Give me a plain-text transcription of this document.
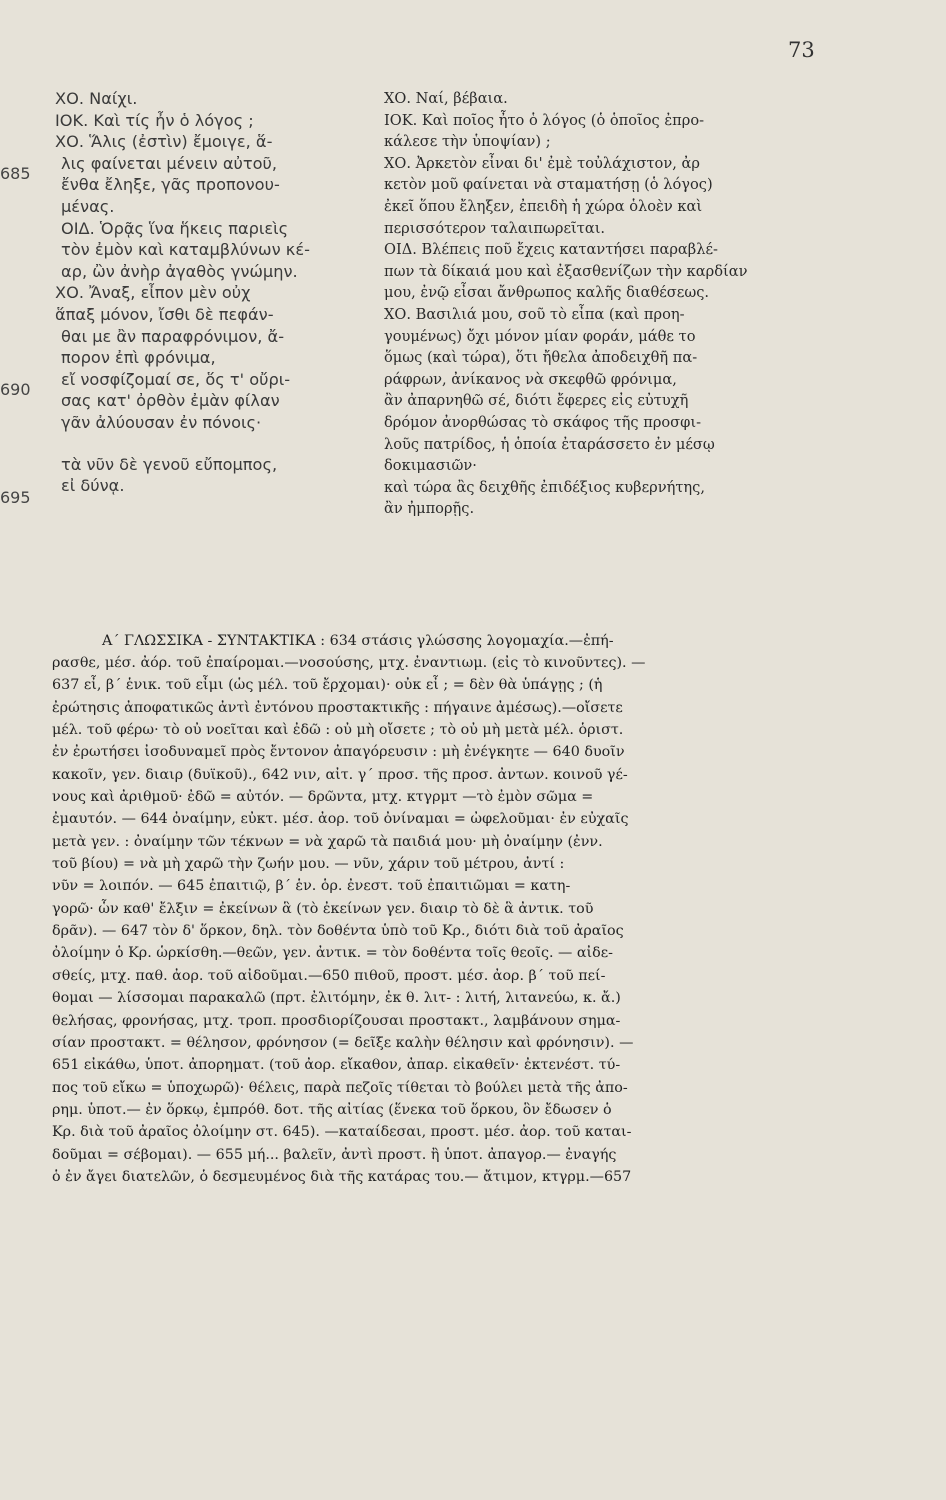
73
685
690
695
ΧΟ. Ναίχι.
ΙΟΚ. Καὶ τίς ἦν ὁ λόγος ;
ΧΟ. Ἅλις (ἐστὶν) ἔμοιγε, ἅ-
λις φαίνεται μένειν αὐτοῦ,
ἔνθα ἔληξε, γᾶς προπονου-
μένας.
ΟΙΔ. Ὁρᾷς ἵνα ἥκεις παριεὶς
τὸν ἐμὸν καὶ καταμβλύνων κέ-
αρ, ὢν ἀνὴρ ἀγαθὸς γνώμην.
ΧΟ. Ἄναξ, εἶπον μὲν οὐχ
ἅπαξ μόνον, ἴσθι δὲ πεφάν-
θαι με ἂν παραφρόνιμον, ἄ-
πορον ἐπὶ φρόνιμα,
εἴ νοσφίζομαί σε, ὅς τ' οὔρι-
σας κατ' ὀρθὸν ἐμὰν φίλαν
γᾶν ἀλύουσαν ἐν πόνοις·
τὰ νῦν δὲ γενοῦ εὔπομπος,
εἰ δύνᾳ.
ΧΟ. Ναί, βέβαια.
ΙΟΚ. Καὶ ποῖος ἦτο ὁ λόγος (ὁ ὁποῖος ἐπρο-
κάλεσε τὴν ὑποψίαν) ;
ΧΟ. Ἀρκετὸν εἶναι δι' ἐμὲ τοὐλάχιστον, ἀρ
κετὸν μοῦ φαίνεται νὰ σταματήσῃ (ὁ λόγος)
ἐκεῖ ὅπου ἔληξεν, ἐπειδὴ ἡ χώρα ὁλοὲν καὶ
περισσότερον ταλαιπωρεῖται.
ΟΙΔ. Βλέπεις ποῦ ἔχεις καταντήσει παραβλέ-
πων τὰ δίκαιά μου καὶ ἐξασθενίζων τὴν καρδίαν
μου, ἐνῷ εἶσαι ἄνθρωπος καλῆς διαθέσεως.
ΧΟ. Βασιλιά μου, σοῦ τὸ εἶπα (καὶ προη-
γουμένως) ὄχι μόνον μίαν φοράν, μάθε το
ὅμως (καὶ τώρα), ὅτι ἤθελα ἀποδειχθῆ πα-
ράφρων, ἀνίκανος νὰ σκεφθῶ φρόνιμα,
ἂν ἀπαρνηθῶ σέ, διότι ἔφερες εἰς εὐτυχῆ
δρόμον ἀνορθώσας τὸ σκάφος τῆς προσφι-
λοῦς πατρίδος, ἡ ὁποία ἐταράσσετο ἐν μέσῳ
δοκιμασιῶν·
καὶ τώρα ἂς δειχθῆς ἐπιδέξιος κυβερνήτης,
ἂν ἠμπορῇς.
Α΄ ΓΛΩΣΣΙΚΑ - ΣΥΝΤΑΚΤΙΚΑ : 634 στάσις γλώσσης λογομαχία.—ἐπή-
ρασθε, μέσ. ἀόρ. τοῦ ἐπαίρομαι.—νοσούσης, μτχ. ἐναντιωμ. (εἰς τὸ κινοῦντες). —
637 εἶ, β΄ ἑνικ. τοῦ εἶμι (ὡς μέλ. τοῦ ἔρχομαι)· οὐκ εἶ ; = δὲν θὰ ὑπάγῃς ; (ἡ
ἐρώτησις ἀποφατικῶς ἀντὶ ἐντόνου προστακτικῆς : πήγαινε ἀμέσως).—οἴσετε
μέλ. τοῦ φέρω· τὸ οὐ νοεῖται καὶ ἐδῶ : οὐ μὴ οἴσετε ; τὸ οὐ μὴ μετὰ μέλ. ὁριστ.
ἐν ἐρωτήσει ἰσοδυναμεῖ πρὸς ἔντονον ἀπαγόρευσιν : μὴ ἐνέγκητε — 640 δυοῖν
κακοῖν, γεν. διαιρ (δυϊκοῦ)., 642 νιν, αἰτ. γ΄ προσ. τῆς προσ. ἀντων. κοινοῦ γέ-
νους καὶ ἀριθμοῦ· ἐδῶ = αὐτόν. — δρῶντα, μτχ. κτγρμτ —τὸ ἐμὸν σῶμα =
ἐμαυτόν. — 644 ὀναίμην, εὐκτ. μέσ. ἀορ. τοῦ ὀνίναμαι = ὠφελοῦμαι· ἐν εὐχαῖς
μετὰ γεν. : ὀναίμην τῶν τέκνων = νὰ χαρῶ τὰ παιδιά μου· μὴ ὀναίμην (ἐνν.
τοῦ βίου) = νὰ μὴ χαρῶ τὴν ζωήν μου. — νῦν, χάριν τοῦ μέτρου, ἀντί :
νῦν = λοιπόν. — 645 ἐπαιτιῷ, β΄ ἑν. ὁρ. ἐνεστ. τοῦ ἐπαιτιῶμαι = κατη-
γορῶ· ὧν καθ' ἔλξιν = ἐκείνων ἃ (τὸ ἐκείνων γεν. διαιρ τὸ δὲ ἃ ἀντικ. τοῦ
δρᾶν). — 647 τὸν δ' ὅρκον, δηλ. τὸν δοθέντα ὑπὸ τοῦ Κρ., διότι διὰ τοῦ ἀραῖος
ὀλοίμην ὁ Κρ. ὡρκίσθη.—θεῶν, γεν. ἀντικ. = τὸν δοθέντα τοῖς θεοῖς. — αἰδε-
σθείς, μτχ. παθ. ἀορ. τοῦ αἰδοῦμαι.—650 πιθοῦ, προστ. μέσ. ἀορ. β΄ τοῦ πεί-
θομαι — λίσσομαι παρακαλῶ (πρτ. ἐλιτόμην, ἐκ θ. λιτ- : λιτή, λιτανεύω, κ. ἄ.)
θελήσας, φρονήσας, μτχ. τροπ. προσδιορίζουσαι προστακτ., λαμβάνουν σημα-
σίαν προστακτ. = θέλησον, φρόνησον (= δεῖξε καλὴν θέλησιν καὶ φρόνησιν). —
651 εἰκάθω, ὑποτ. ἀπορηματ. (τοῦ ἀορ. εἴκαθον, ἀπαρ. εἰκαθεῖν· ἐκτενέστ. τύ-
πος τοῦ εἴκω = ὑποχωρῶ)· θέλεις, παρὰ πεζοῖς τίθεται τὸ βούλει μετὰ τῆς ἀπο-
ρημ. ὑποτ.— ἐν ὅρκῳ, ἐμπρόθ. δοτ. τῆς αἰτίας (ἕνεκα τοῦ ὅρκου, ὃν ἔδωσεν ὁ
Κρ. διὰ τοῦ ἀραῖος ὀλοίμην στ. 645). —καταίδεσαι, προστ. μέσ. ἀορ. τοῦ καται-
δοῦμαι = σέβομαι). — 655 μή... βαλεῖν, ἀντὶ προστ. ἢ ὑποτ. ἀπαγορ.— ἐναγής
ὁ ἐν ἄγει διατελῶν, ὁ δεσμευμένος διὰ τῆς κατάρας του.— ἄτιμον, κτγρμ.—657
